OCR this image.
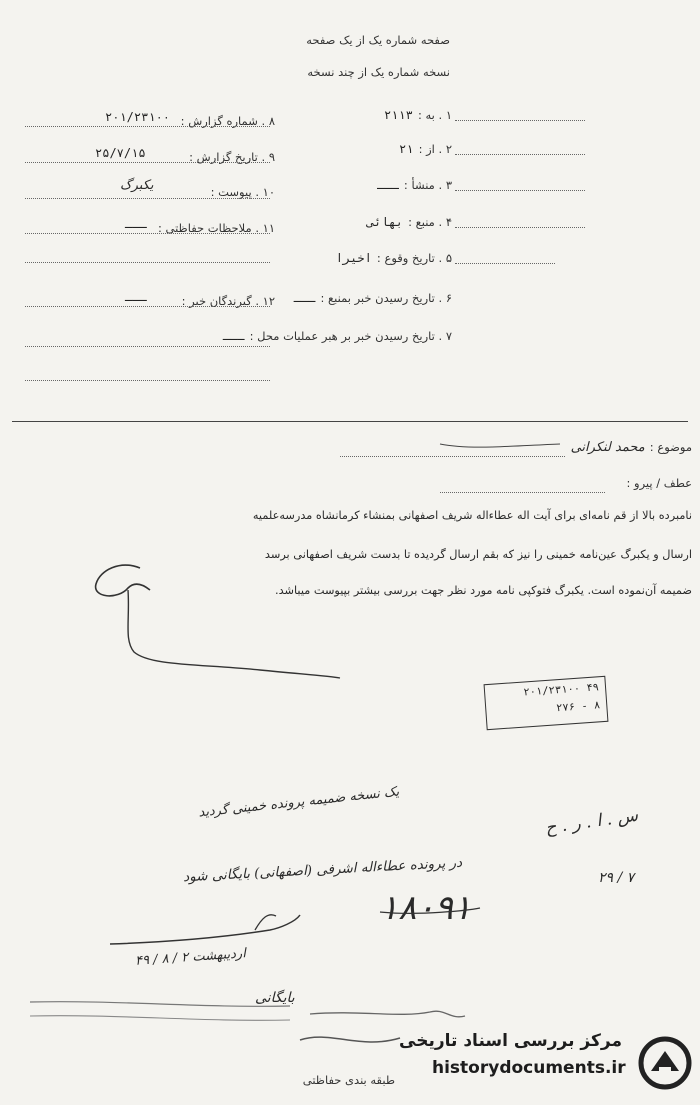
صفحه شماره یک از یک صفحه
نسخه شماره یک از چند نسخه
۱ . به : ۲۱۱۳
۲ . از : ۲۱
۳ . منشأ : ـــ
۴ . منبع : بهائی
۵ . تاریخ وقوع : اخیرا
۶ . تاریخ رسیدن خبر بمنبع : ـــ
۷ . تاریخ رسیدن خبر بر هبر عملیات محل : ـــ
۸ . شماره گزارش :
۲۰۱/۲۳۱۰۰
۹ . تاریخ گزارش :
۲۵/۷/۱۵
۱۰ . پیوست :
یکبرگ
۱۱ . ملاحظات حفاظتی :
ـــ
۱۲ . گیرندگان خبر :
ـــ
موضوع : محمد لنکرانی
عطف / پیرو :
نامبرده بالا از قم نامه‌ای برای آیت اله عطاءاله شریف اصفهانی بمنشاء کرمانشاه مدرسه‌علمیه
ارسال و یکبرگ عین‌نامه خمینی را نیز که بقم ارسال گردیده تا بدست شریف اصفهانی برسد
ضمیمه آن‌نموده است. یکبرگ فتوکپی نامه مورد نظر جهت بررسی بیشتر بپیوست میباشد.
۲۰۱/۲۳۱۰۰ ۴۹
۲۷۶ - ۸
یک نسخه ضمیمه پرونده خمینی گردید
در پرونده عطاءاله اشرفی (اصفهانی) بایگانی شود
س . ا . ر . ح
۲۹ / ۷
۱۸۰۹۱
۴۹ / ۸ / ۲ اردیبهشت
بایگانی
طبقه بندی حفاظتی
مرکز بررسی اسناد تاریخی
historydocuments.ir
